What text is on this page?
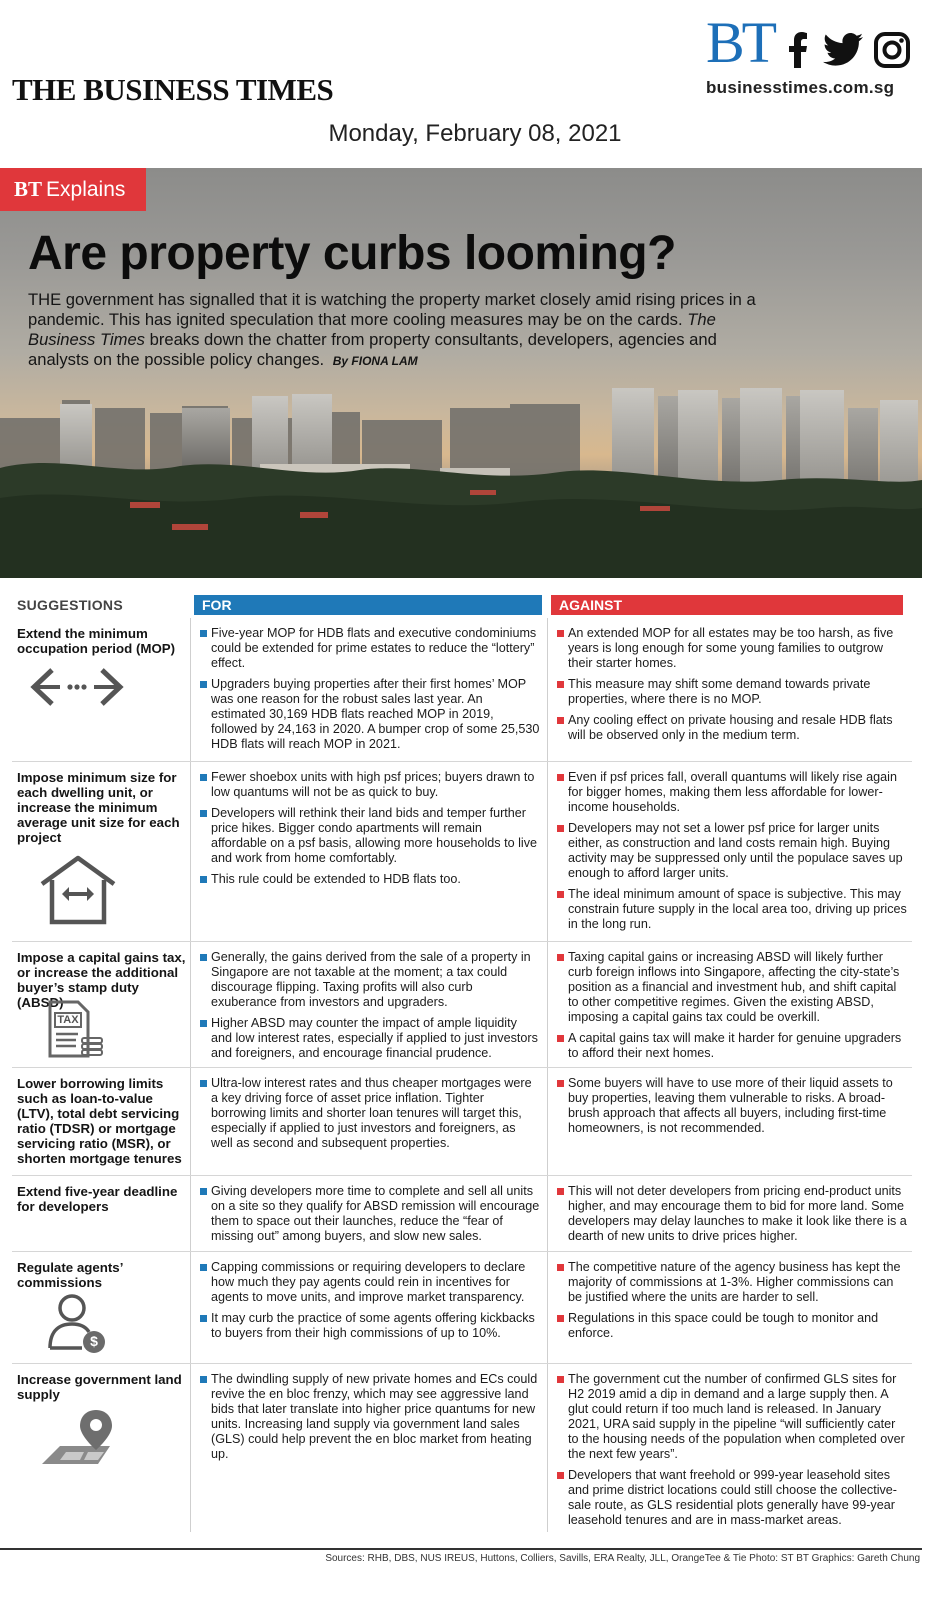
THE BUSINESS TIMES
BT
businesstimes.com.sg
Monday, February 08, 2021
BT Explains
Are property curbs looming?
THE government has signalled that it is watching the property market closely amid rising prices in a pandemic. This has ignited speculation that more cooling measures may be on the cards. The Business Times breaks down the chatter from property consultants, developers, agencies and analysts on the possible policy changes. By FIONA LAM
SUGGESTIONS	FOR	AGAINST
Extend the minimum occupation period (MOP)
Five-year MOP for HDB flats and executive condominiums could be extended for prime estates to reduce the “lottery” effect.
Upgraders buying properties after their first homes’ MOP was one reason for the robust sales last year. An estimated 30,169 HDB flats reached MOP in 2019, followed by 24,163 in 2020. A bumper crop of some 25,530 HDB flats will reach MOP in 2021.
An extended MOP for all estates may be too harsh, as five years is long enough for some young families to outgrow their starter homes.
This measure may shift some demand towards private properties, where there is no MOP.
Any cooling effect on private housing and resale HDB flats will be observed only in the medium term.
Impose minimum size for each dwelling unit, or increase the minimum average unit size for each project
Fewer shoebox units with high psf prices; buyers drawn to low quantums will not be as quick to buy.
Developers will rethink their land bids and temper further price hikes. Bigger condo apartments will remain affordable on a psf basis, allowing more households to live and work from home comfortably.
This rule could be extended to HDB flats too.
Even if psf prices fall, overall quantums will likely rise again for bigger homes, making them less affordable for lower-income households.
Developers may not set a lower psf price for larger units either, as construction and land costs remain high. Buying activity may be suppressed only until the populace saves up enough to afford larger units.
The ideal minimum amount of space is subjective. This may constrain future supply in the local area too, driving up prices in the long run.
Impose a capital gains tax, or increase the additional buyer’s stamp duty (ABSD)
TAX
Generally, the gains derived from the sale of a property in Singapore are not taxable at the moment; a tax could discourage flipping. Taxing profits will also curb exuberance from investors and upgraders.
Higher ABSD may counter the impact of ample liquidity and low interest rates, especially if applied to just investors and foreigners, and encourage financial prudence.
Taxing capital gains or increasing ABSD will likely further curb foreign inflows into Singapore, affecting the city-state’s position as a financial and investment hub, and shift capital to other competitive regimes. Given the existing ABSD, imposing a capital gains tax could be overkill.
A capital gains tax will make it harder for genuine upgraders to afford their next homes.
Lower borrowing limits such as loan-to-value (LTV), total debt servicing ratio (TDSR) or mortgage servicing ratio (MSR), or shorten mortgage tenures
Ultra-low interest rates and thus cheaper mortgages were a key driving force of asset price inflation. Tighter borrowing limits and shorter loan tenures will target this, especially if applied to just investors and foreigners, as well as second and subsequent properties.
Some buyers will have to use more of their liquid assets to buy properties, leaving them vulnerable to risks. A broad-brush approach that affects all buyers, including first-time homeowners, is not recommended.
Extend five-year deadline for developers
Giving developers more time to complete and sell all units on a site so they qualify for ABSD remission will encourage them to space out their launches, reduce the “fear of missing out” among buyers, and slow new sales.
This will not deter developers from pricing end-product units higher, and may encourage them to bid for more land. Some developers may delay launches to make it look like there is a dearth of new units to drive prices higher.
Regulate agents’ commissions
$
Capping commissions or requiring developers to declare how much they pay agents could rein in incentives for agents to move units, and improve market transparency.
It may curb the practice of some agents offering kickbacks to buyers from their high commissions of up to 10%.
The competitive nature of the agency business has kept the majority of commissions at 1-3%. Higher commissions can be justified where the units are harder to sell.
Regulations in this space could be tough to monitor and enforce.
Increase government land supply
The dwindling supply of new private homes and ECs could revive the en bloc frenzy, which may see aggressive land bids that later translate into higher price quantums for new units. Increasing land supply via government land sales (GLS) could help prevent the en bloc market from heating up.
The government cut the number of confirmed GLS sites for H2 2019 amid a dip in demand and a large supply then. A glut could return if too much land is released. In January 2021, URA said supply in the pipeline “will sufficiently cater to the housing needs of the population when completed over the next few years”.
Developers that want freehold or 999-year leasehold sites and prime district locations could still choose the collective-sale route, as GLS residential plots generally have 99-year leasehold tenures and are in mass-market areas.
Sources: RHB, DBS, NUS IREUS, Huttons, Colliers, Savills, ERA Realty, JLL, OrangeTee & Tie Photo: ST BT Graphics: Gareth Chung
